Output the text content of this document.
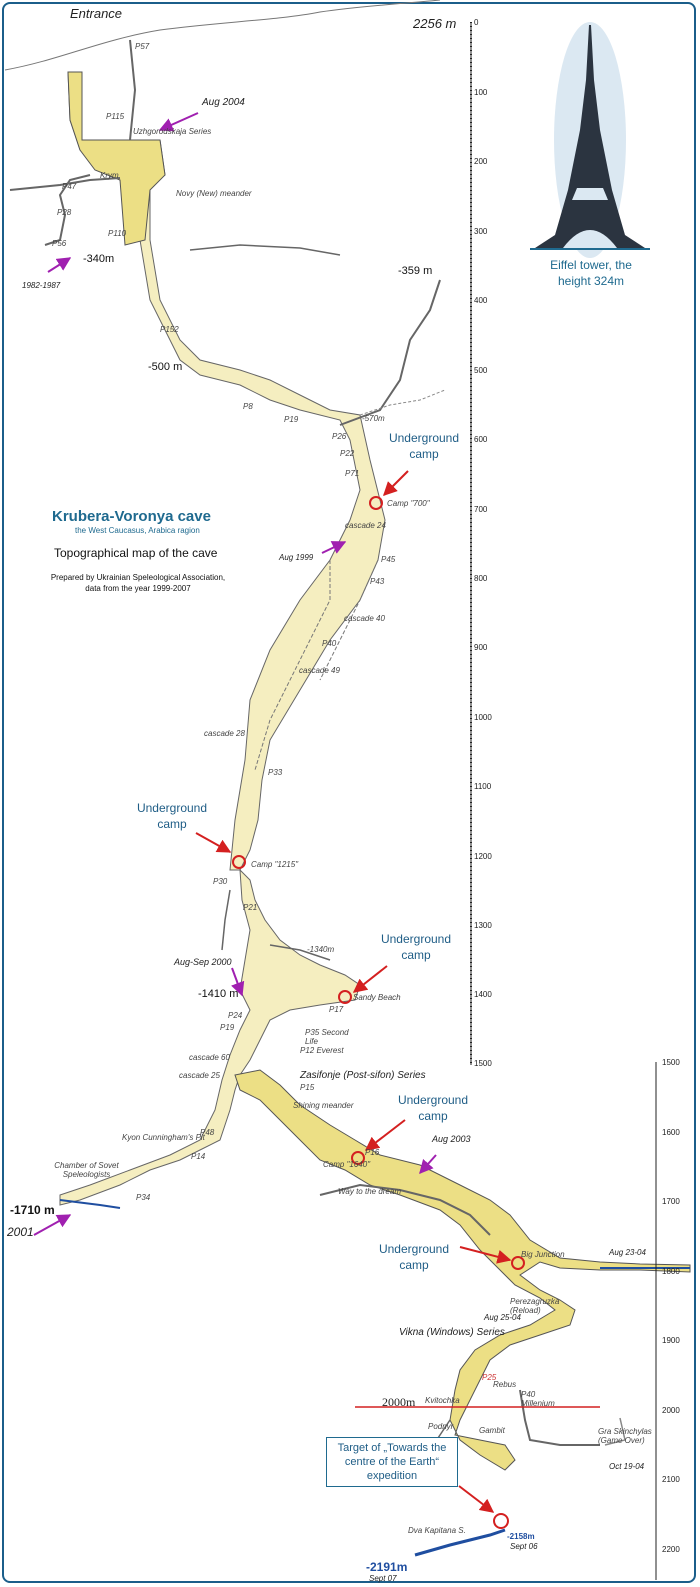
Entrance
2256 m 0
100
200
300
400
500
600
700
800
900
1000
1100
1200
1300
1400
1500	1500
1600
1700
1800
1900
2000
2100
2200
Krubera-Voronya cave
the West Caucasus, Arabica ragion
Topographical map of the cave
Prepared by Ukrainian Speleological Association, data from the year 1999-2007
Eiffel tower, the height 324m
Underground camp
Underground camp
Underground camp
Underground camp
Underground camp
Target of „Towards the centre of the Earth“ expedition
2000m
-340m
-359 m
-500 m
-1410 m
-1710 m
-2191m
-2158m
-1340m
-570m
Aug 2004
1982-1987
Aug 1999
Aug-Sep 2000
Aug 2003
2001
Aug 23-04
Aug 25-04
Oct 19-04
Sept 06
Sept 07
Uzhgorodskaja Series
Zasifonje (Post-sifon) Series
Vikna (Windows) Series
Shining meander
Way to the dream
Big Junction
Perezagruzka (Reload)
Rebus
Kvitochka
P40 Millenium
Podnyr	Gambit	Gra Skinchylas (Game Over)
Dva Kapitana S.
Sandy Beach
Chamber of Sovet Speleologists
P35 Second Life
P12 Everest
Krym
Novy (New) meander
Camp "700"
Camp "1215"
Camp "1640"
cascade 24
cascade 40
cascade 49
cascade 28
cascade 60
cascade 25
Kyon Cunningham's Pit
P152
P8
P19
P26
P22
P71
P45
P43
P40
P33
P21
P30
P34
P48
P14
P24
P19
P17
P15
P16
P25
P57
P115
P110
P56
P47
P28
